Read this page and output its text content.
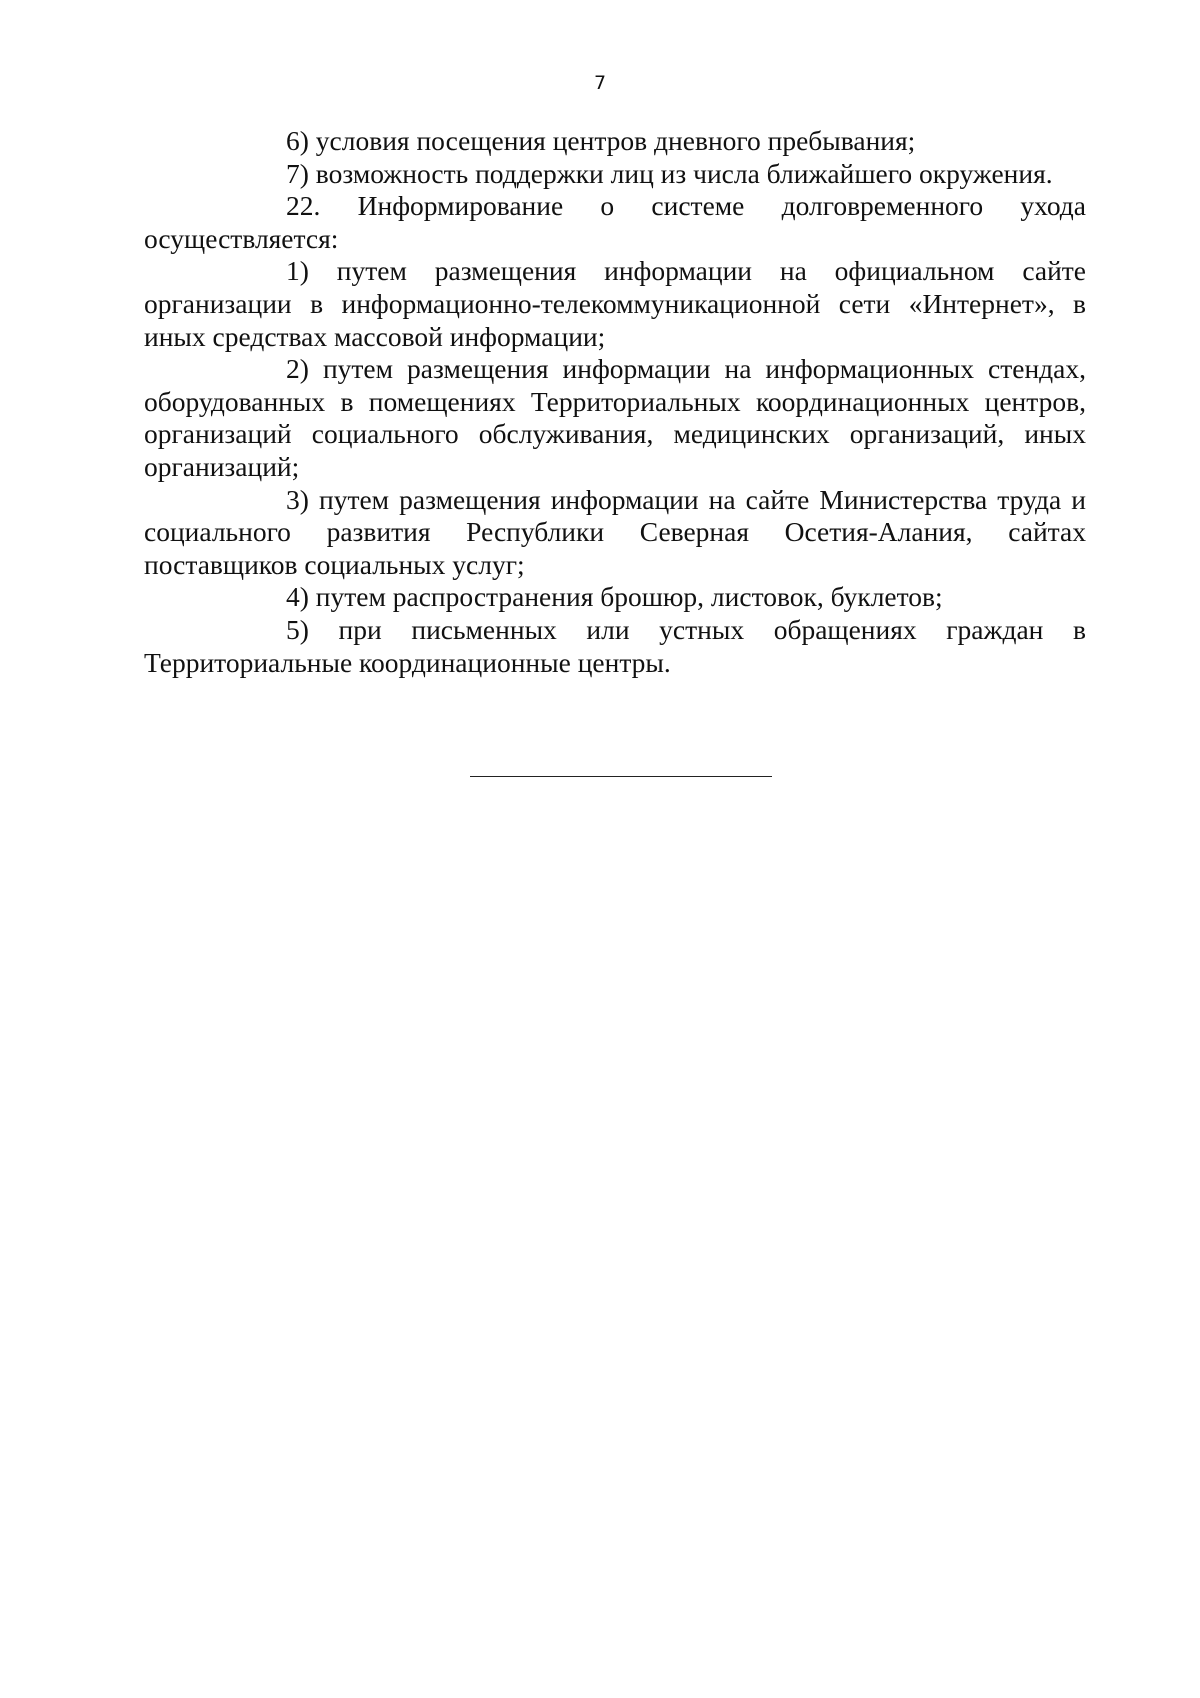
7

6) условия посещения центров дневного пребывания;

7) возможность поддержки лиц из числа ближайшего окружения.

22. Информирование о системе долговременного ухода осуществляется:

1) путем размещения информации на официальном сайте организации в информационно-телекоммуникационной сети «Интернет», в иных средствах массовой информации;

2) путем размещения информации на информационных стендах, оборудованных в помещениях Территориальных координационных центров, организаций социального обслуживания, медицинских организаций, иных организаций;

3) путем размещения информации на сайте Министерства труда и социального развития Республики Северная Осетия-Алания, сайтах поставщиков социальных услуг;

4) путем распространения брошюр, листовок, буклетов;

5) при письменных или устных обращениях граждан в Территориальные координационные центры.
